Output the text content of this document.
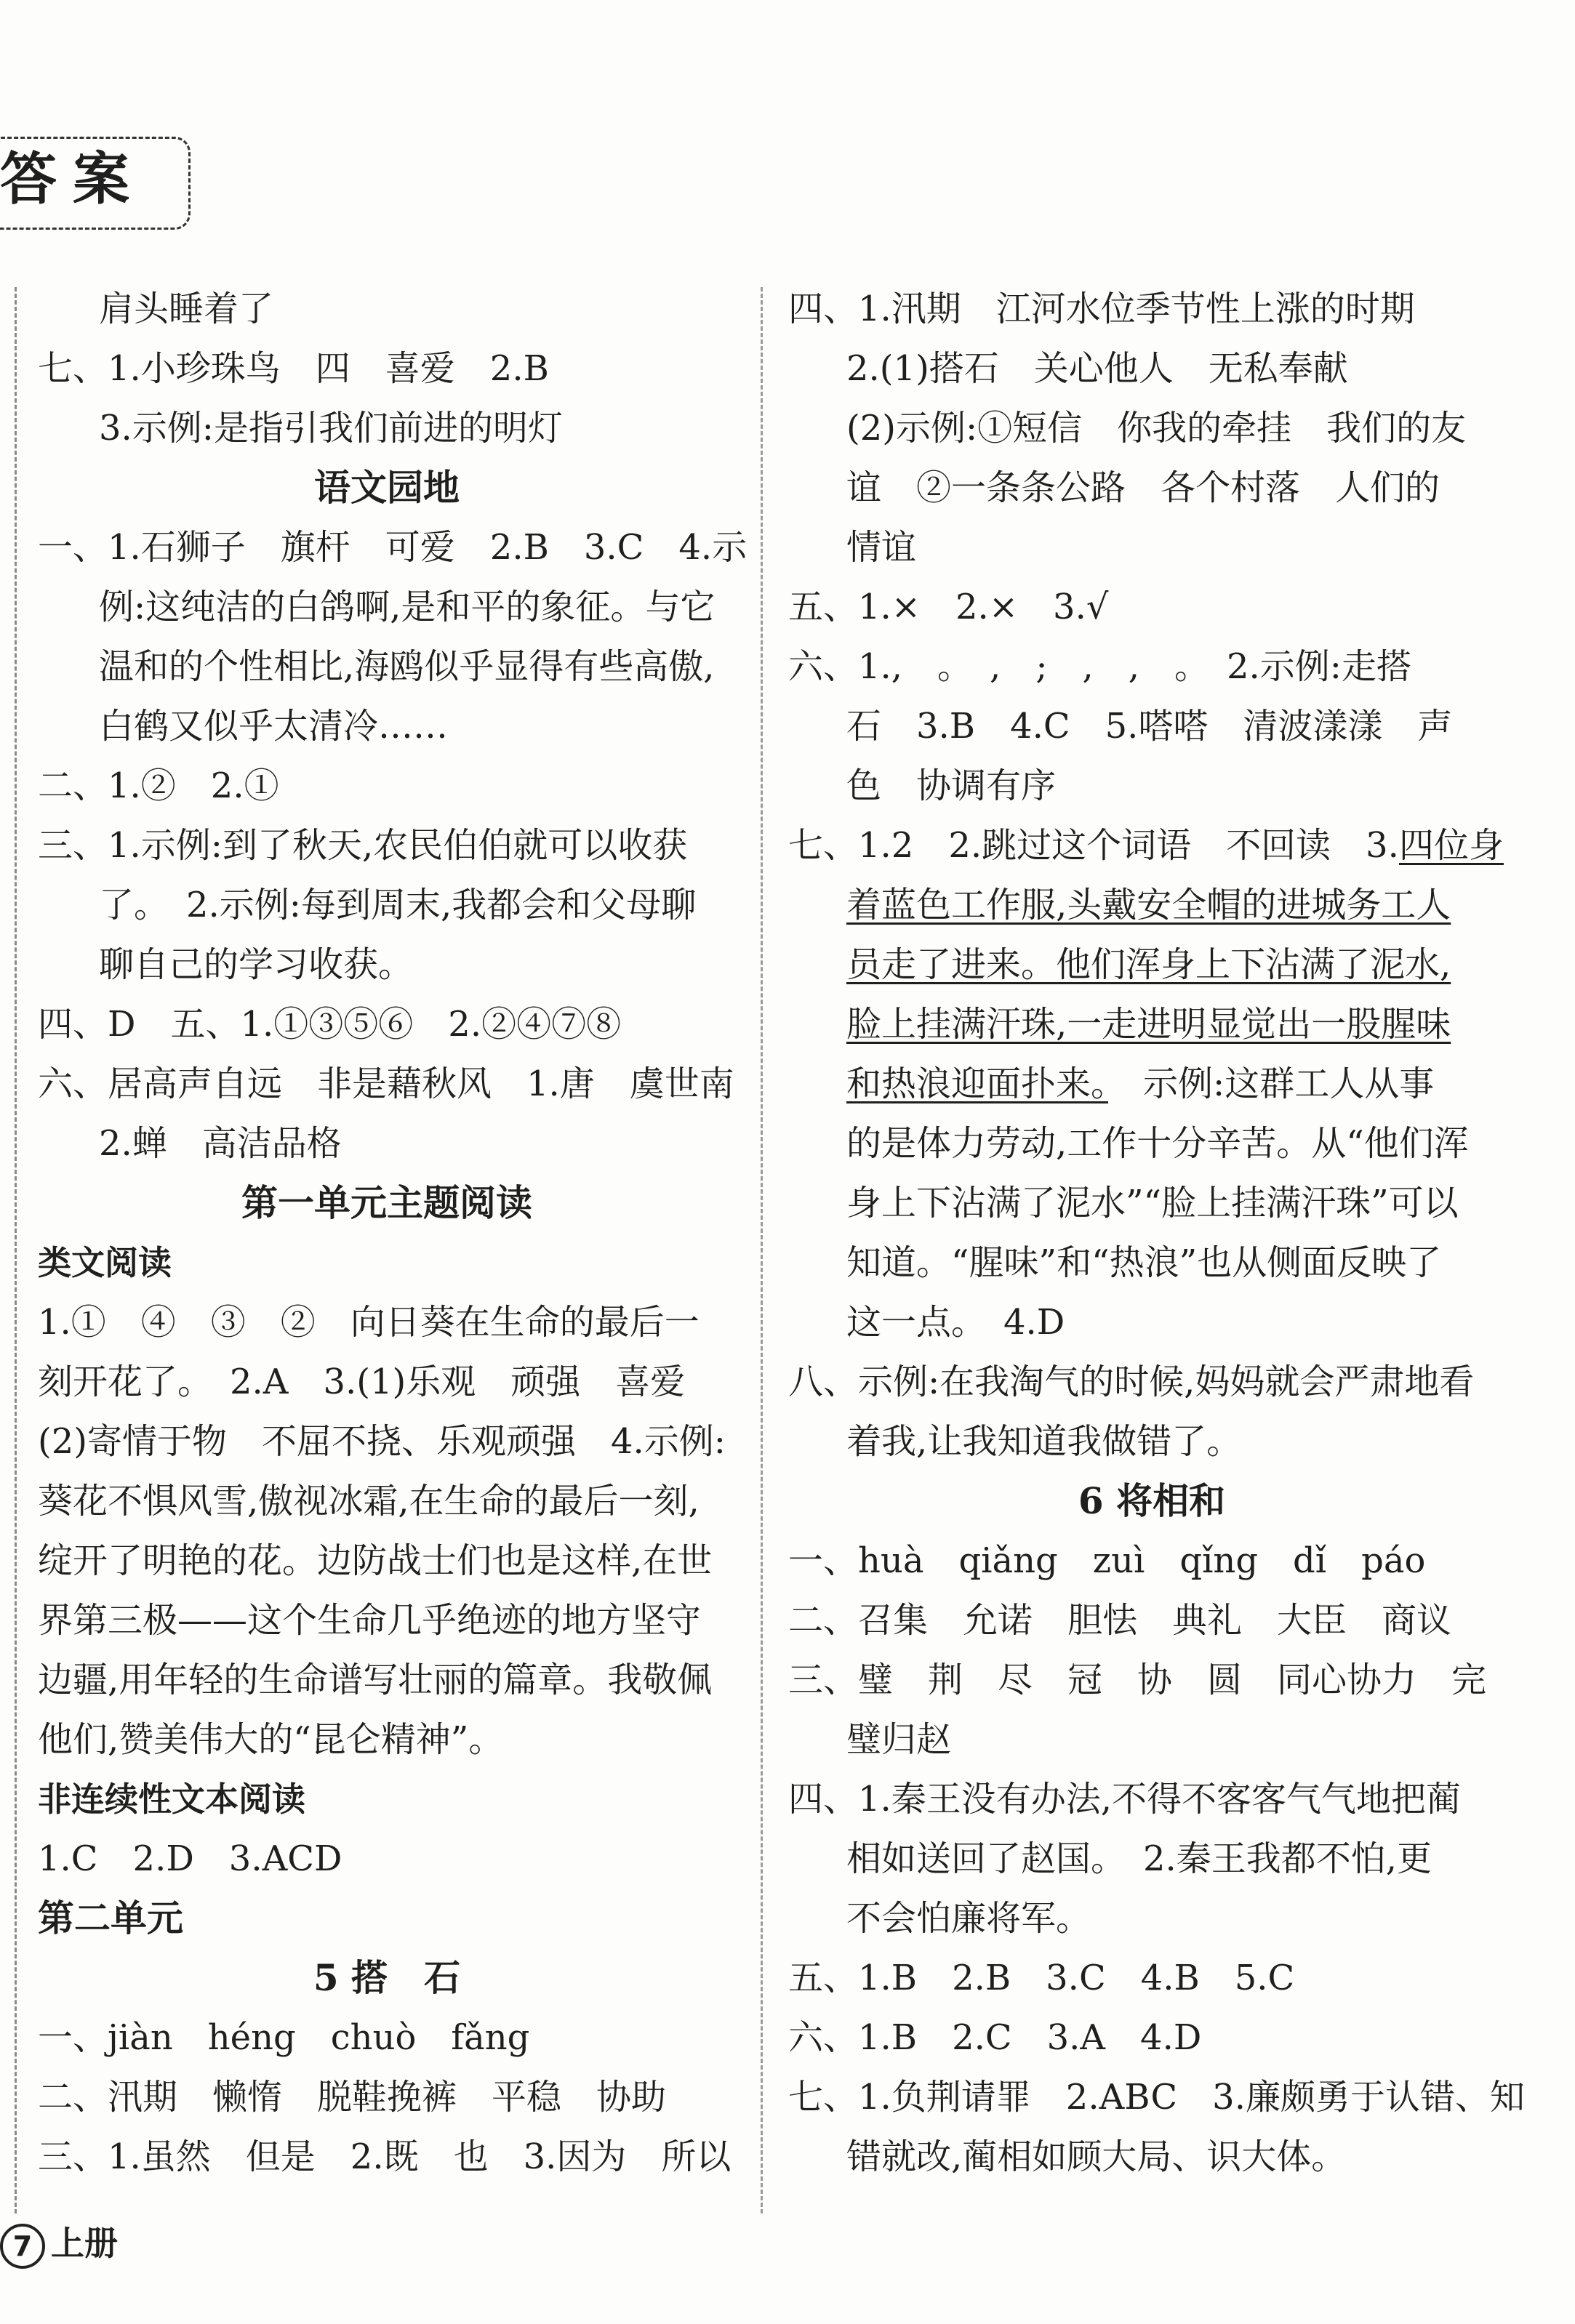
答案
肩头睡着了
七、1.小珍珠鸟　四　喜爱　2.B
3.示例:是指引我们前进的明灯
语文园地
一、1.石狮子　旗杆　可爱　2.B　3.C　4.示
例:这纯洁的白鸽啊,是和平的象征。与它
温和的个性相比,海鸥似乎显得有些高傲,
白鹤又似乎太清冷……
二、1.②　2.①
三、1.示例:到了秋天,农民伯伯就可以收获
了。　2.示例:每到周末,我都会和父母聊
聊自己的学习收获。
四、D　五、1.①③⑤⑥　2.②④⑦⑧
六、居高声自远　非是藉秋风　1.唐　虞世南
2.蝉　高洁品格
第一单元主题阅读
类文阅读
1.①　④　③　②　向日葵在生命的最后一
刻开花了。　2.A　3.(1)乐观　顽强　喜爱
(2)寄情于物　不屈不挠、乐观顽强　4.示例:
葵花不惧风雪,傲视冰霜,在生命的最后一刻,
绽开了明艳的花。边防战士们也是这样,在世
界第三极——这个生命几乎绝迹的地方坚守
边疆,用年轻的生命谱写壮丽的篇章。我敬佩
他们,赞美伟大的“昆仑精神”。
非连续性文本阅读
1.C　2.D　3.ACD
第二单元
5 搭　石
一、jiàn　héng　chuò　fǎng
二、汛期　懒惰　脱鞋挽裤　平稳　协助
三、1.虽然　但是　2.既　也　3.因为　所以
四、1.汛期　江河水位季节性上涨的时期
2.(1)搭石　关心他人　无私奉献
(2)示例:①短信　你我的牵挂　我们的友
谊　②一条条公路　各个村落　人们的
情谊
五、1.×　2.×　3.√
六、1.,　。　,　;　,　,　。　2.示例:走搭
石　3.B　4.C　5.嗒嗒　清波漾漾　声
色　协调有序
七、1.2　2.跳过这个词语　不回读　3.四位身
着蓝色工作服,头戴安全帽的进城务工人
员走了进来。他们浑身上下沾满了泥水,
脸上挂满汗珠,一走进明显觉出一股腥味
和热浪迎面扑来。　示例:这群工人从事
的是体力劳动,工作十分辛苦。从“他们浑
身上下沾满了泥水”“脸上挂满汗珠”可以
知道。“腥味”和“热浪”也从侧面反映了
这一点。　4.D
八、示例:在我淘气的时候,妈妈就会严肃地看
着我,让我知道我做错了。
6 将相和
一、huà　qiǎng　zuì　qǐng　dǐ　páo
二、召集　允诺　胆怯　典礼　大臣　商议
三、璧　荆　尽　冠　协　圆　同心协力　完
璧归赵
四、1.秦王没有办法,不得不客客气气地把蔺
相如送回了赵国。　2.秦王我都不怕,更
不会怕廉将军。
五、1.B　2.B　3.C　4.B　5.C
六、1.B　2.C　3.A　4.D
七、1.负荆请罪　2.ABC　3.廉颇勇于认错、知
错就改,蔺相如顾大局、识大体。
7 上册
